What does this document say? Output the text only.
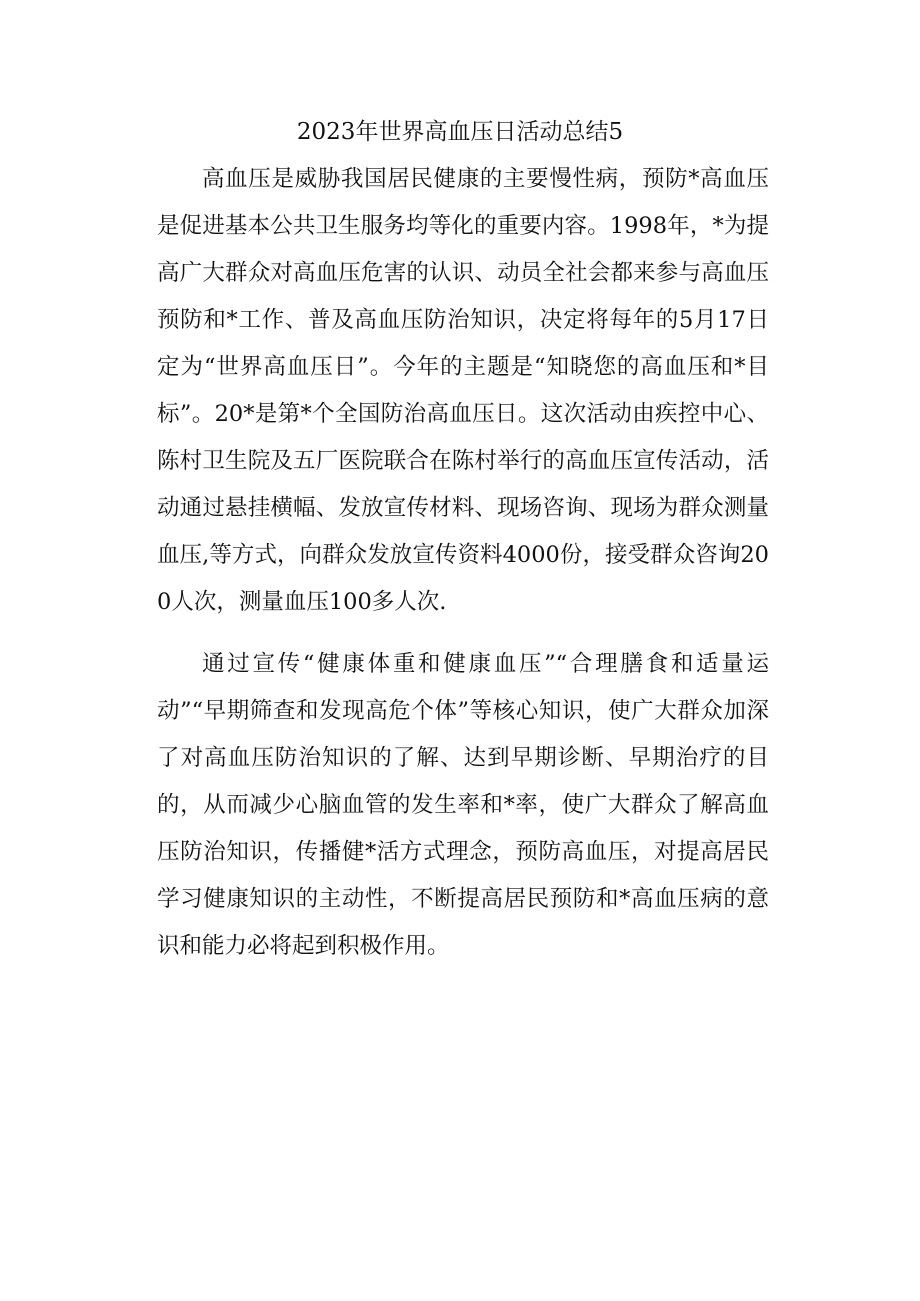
2023年世界高血压日活动总结5

高血压是威胁我国居民健康的主要慢性病，预防*高血压是促进基本公共卫生服务均等化的重要内容。1998年，*为提高广大群众对高血压危害的认识、动员全社会都来参与高血压预防和*工作、普及高血压防治知识，决定将每年的5月17日定为“世界高血压日”。今年的主题是“知晓您的高血压和*目标”。20*是第*个全国防治高血压日。这次活动由疾控中心、陈村卫生院及五厂医院联合在陈村举行的高血压宣传活动，活动通过悬挂横幅、发放宣传材料、现场咨询、现场为群众测量血压,等方式，向群众发放宣传资料4000份，接受群众咨询200人次，测量血压100多人次.

通过宣传“健康体重和健康血压”“合理膳食和适量运动”“早期筛查和发现高危个体”等核心知识，使广大群众加深了对高血压防治知识的了解、达到早期诊断、早期治疗的目的，从而减少心脑血管的发生率和*率，使广大群众了解高血压防治知识，传播健*活方式理念，预防高血压，对提高居民学习健康知识的主动性，不断提高居民预防和*高血压病的意识和能力必将起到积极作用。
